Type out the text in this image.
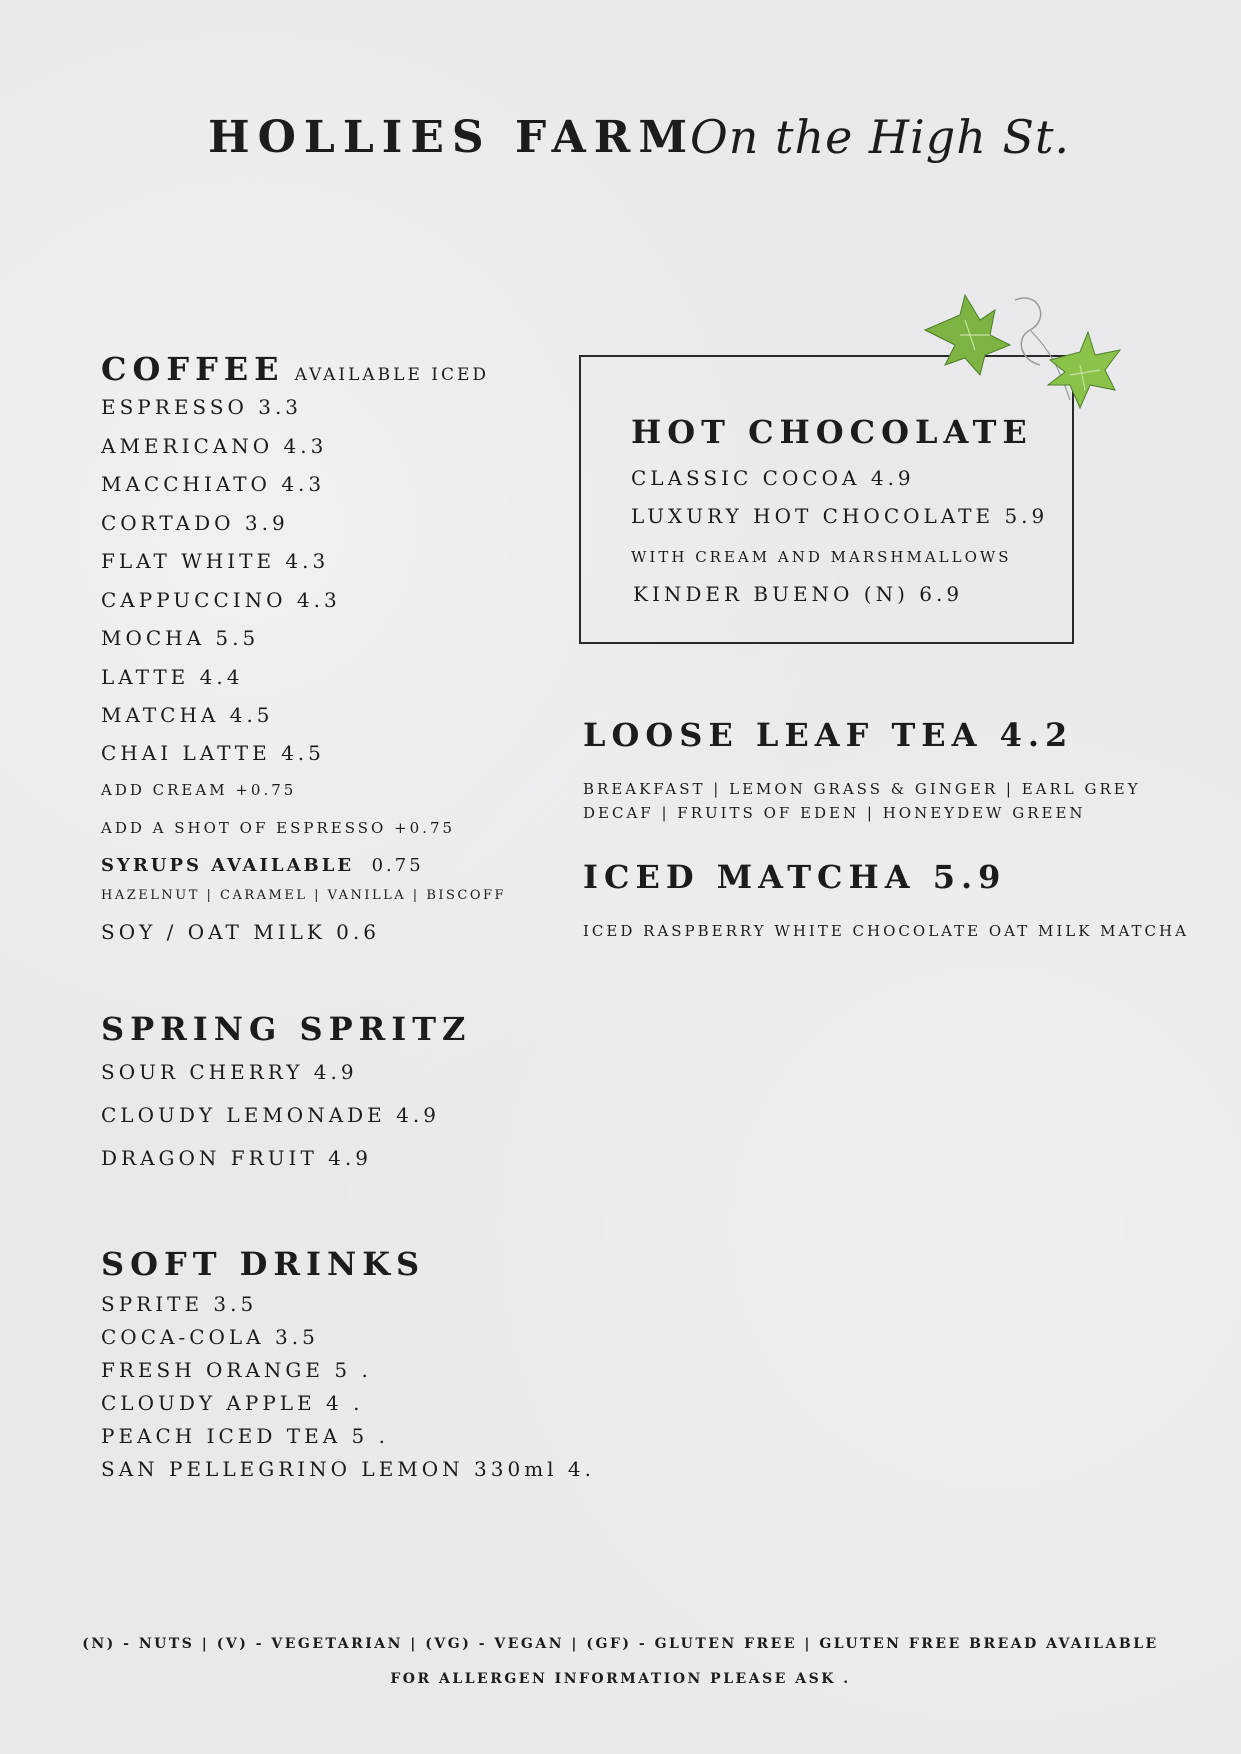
HOLLIES FARM
On the High St.
COFFEE AVAILABLE ICED
ESPRESSO 3.3
AMERICANO 4.3
MACCHIATO 4.3
CORTADO 3.9
FLAT WHITE 4.3
CAPPUCCINO 4.3
MOCHA 5.5
LATTE 4.4
MATCHA 4.5
CHAI LATTE 4.5
ADD CREAM +0.75
ADD A SHOT OF ESPRESSO +0.75
SYRUPS AVAILABLE 0.75
HAZELNUT | CARAMEL | VANILLA | BISCOFF
SOY / OAT MILK 0.6
SPRING SPRITZ
SOUR CHERRY 4.9
CLOUDY LEMONADE 4.9
DRAGON FRUIT 4.9
SOFT DRINKS
SPRITE 3.5
COCA-COLA 3.5
FRESH ORANGE 5 .
CLOUDY APPLE 4 .
PEACH ICED TEA 5 .
SAN PELLEGRINO LEMON 330ml 4.
HOT CHOCOLATE
CLASSIC COCOA 4.9
LUXURY HOT CHOCOLATE 5.9
WITH CREAM AND MARSHMALLOWS
KINDER BUENO (N) 6.9
LOOSE LEAF TEA 4.2
BREAKFAST | LEMON GRASS & GINGER | EARL GREY
DECAF | FRUITS OF EDEN | HONEYDEW GREEN
ICED MATCHA 5.9
ICED RASPBERRY WHITE CHOCOLATE OAT MILK MATCHA
(N) - NUTS | (V) - VEGETARIAN | (VG) - VEGAN | (GF) - GLUTEN FREE | GLUTEN FREE BREAD AVAILABLE
FOR ALLERGEN INFORMATION PLEASE ASK .
